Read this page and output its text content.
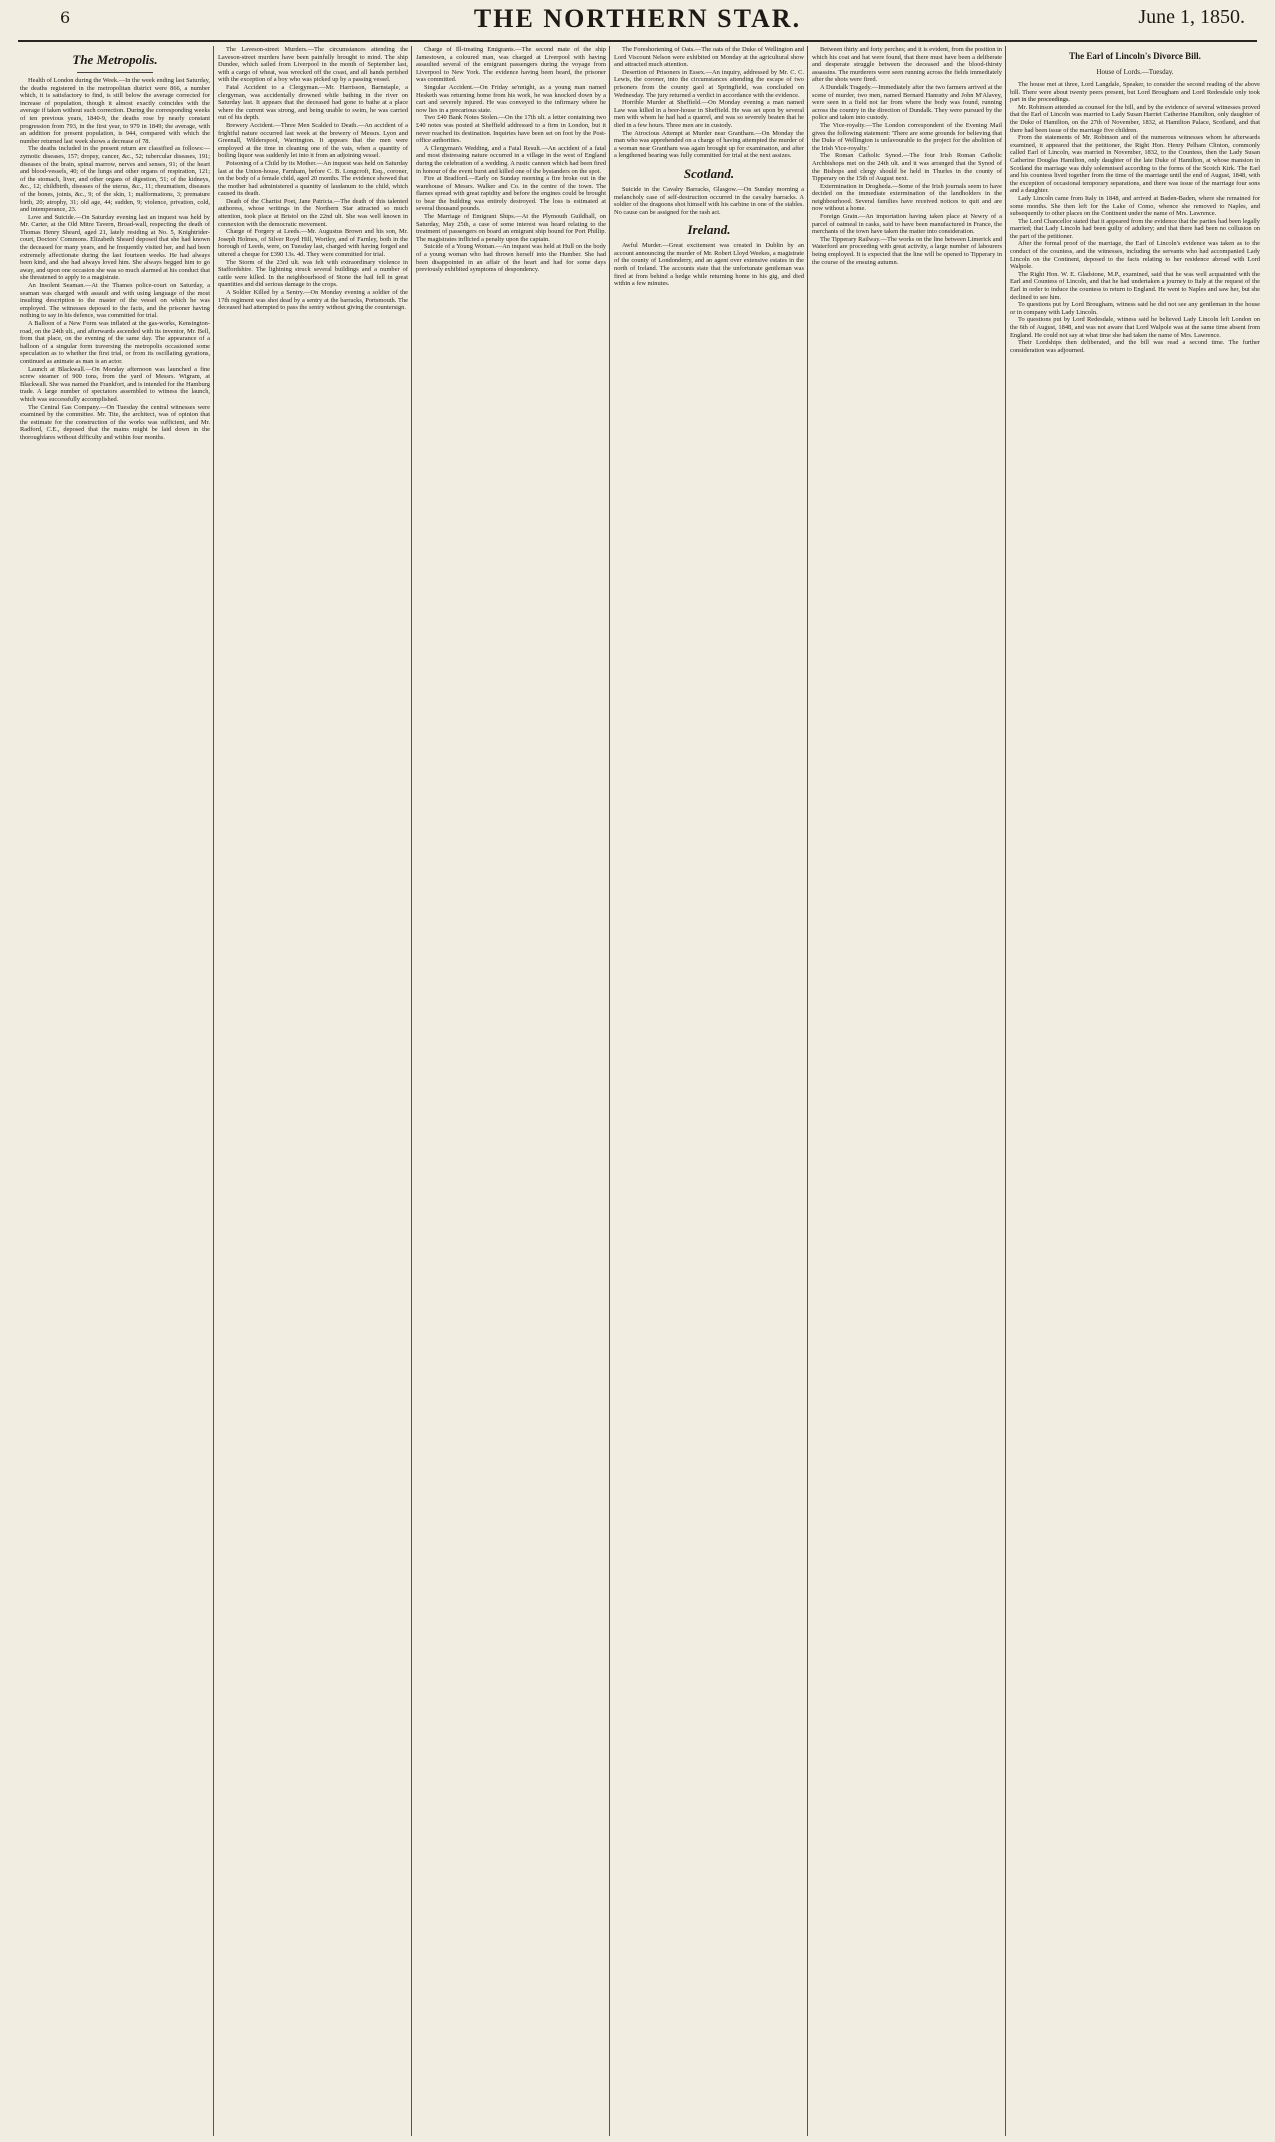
6	THE NORTHERN STAR.	June 1, 1850.
The Metropolis.

Health of London during the Week.—In the week ending last Saturday, the deaths registered in the metropolitan district were 866, a number which, it is satisfactory to find, is still below the average corrected for increase of population, though it almost exactly coincides with the average if taken without such correction. During the corresponding weeks of ten previous years, 1840-9, the deaths rose by nearly constant progression from 793, in the first year, to 979 in 1849; the average, with an addition for present population, is 944, compared with which the number returned last week shows a decrease of 78.

The deaths included in the present return are classified as follows:—zymotic diseases, 157; dropsy, cancer, &c., 52; tubercular diseases, 191; diseases of the brain, spinal marrow, nerves and senses, 91; of the heart and blood-vessels, 40; of the lungs and other organs of respiration, 121; of the stomach, liver, and other organs of digestion, 51; of the kidneys, &c., 12; childbirth, diseases of the uterus, &c., 11; rheumatism, diseases of the bones, joints, &c., 9; of the skin, 1; malformations, 3; premature birth, 20; atrophy, 31; old age, 44; sudden, 9; violence, privation, cold, and intemperance, 23.

Love and Suicide.—On Saturday evening last an inquest was held by Mr. Carter, at the Old Mitre Tavern, Broad-wall, respecting the death of Thomas Henry Sheard, aged 21, lately residing at No. 5, Knightrider-court, Doctors' Commons. Elizabeth Sheard deposed that she had known the deceased for many years, and he frequently visited her, and had been extremely affectionate during the last fourteen weeks. He had always been kind, and she had always loved him. She always begged him to go away, and upon one occasion she was so much alarmed at his conduct that she threatened to apply to a magistrate.

An Insolent Seaman.—At the Thames police-court on Saturday, a seaman was charged with assault and with using language of the most insulting description to the master of the vessel on which he was employed. The witnesses deposed to the facts, and the prisoner having nothing to say in his defence, was committed for trial.

A Balloon of a New Form was inflated at the gas-works, Kensington-road, on the 24th ult., and afterwards ascended with its inventor, Mr. Bell, from that place, on the evening of the same day. The appearance of a balloon of a singular form traversing the metropolis occasioned some speculation as to whether the first trial, or from its oscillating gyrations, continued as animate as man is an actor.

Launch at Blackwall.—On Monday afternoon was launched a fine screw steamer of 900 tons, from the yard of Messrs. Wigram, at Blackwall. She was named the Frankfort, and is intended for the Hamburg trade. A large number of spectators assembled to witness the launch, which was successfully accomplished.

The Central Gas Company.—On Tuesday the central witnesses were examined by the committee. Mr. Tite, the architect, was of opinion that the estimate for the construction of the works was sufficient, and Mr. Radford, C.E., deposed that the mains might be laid down in the thoroughfares without difficulty and within four months.

The Laveson-street Murders.—The circumstances attending the Laveson-street murders have been painfully brought to mind. The ship Dundee, which sailed from Liverpool in the month of September last, with a cargo of wheat, was wrecked off the coast, and all hands perished with the exception of a boy who was picked up by a passing vessel.

Fatal Accident to a Clergyman.—Mr. Harrisson, Barnstaple, a clergyman, was accidentally drowned while bathing in the river on Saturday last. It appears that the deceased had gone to bathe at a place where the current was strong, and being unable to swim, he was carried out of his depth.

Brewery Accident.—Three Men Scalded to Death.—An accident of a frightful nature occurred last week at the brewery of Messrs. Lyon and Greenall, Wilderspool, Warrington. It appears that the men were employed at the time in cleaning one of the vats, when a quantity of boiling liquor was suddenly let into it from an adjoining vessel.

Poisoning of a Child by its Mother.—An inquest was held on Saturday last at the Union-house, Farnham, before C. B. Longcroft, Esq., coroner, on the body of a female child, aged 20 months. The evidence showed that the mother had administered a quantity of laudanum to the child, which caused its death.

Death of the Chartist Poet, Jane Patricia.—The death of this talented authoress, whose writings in the Northern Star attracted so much attention, took place at Bristol on the 22nd ult. She was well known in connexion with the democratic movement.

Charge of Forgery at Leeds.—Mr. Augustus Brown and his son, Mr. Joseph Holmes, of Silver Royd Hill, Wortley, and of Farnley, both in the borough of Leeds, were, on Tuesday last, charged with having forged and uttered a cheque for £390 13s. 4d. They were committed for trial.

The Storm of the 23rd ult. was felt with extraordinary violence in Staffordshire. The lightning struck several buildings and a number of cattle were killed. In the neighbourhood of Stone the hail fell in great quantities and did serious damage to the crops.

A Soldier Killed by a Sentry.—On Monday evening a soldier of the 17th regiment was shot dead by a sentry at the barracks, Portsmouth. The deceased had attempted to pass the sentry without giving the countersign.

Charge of Ill-treating Emigrants.—The second mate of the ship Jamestown, a coloured man, was charged at Liverpool with having assaulted several of the emigrant passengers during the voyage from Liverpool to New York. The evidence having been heard, the prisoner was committed.

Singular Accident.—On Friday se'nnight, as a young man named Hesketh was returning home from his work, he was knocked down by a cart and severely injured. He was conveyed to the infirmary where he now lies in a precarious state.

Two £40 Bank Notes Stolen.—On the 17th ult. a letter containing two £40 notes was posted at Sheffield addressed to a firm in London, but it never reached its destination. Inquiries have been set on foot by the Post-office authorities.

A Clergyman's Wedding, and a Fatal Result.—An accident of a fatal and most distressing nature occurred in a village in the west of England during the celebration of a wedding. A rustic cannon which had been fired in honour of the event burst and killed one of the bystanders on the spot.

Fire at Bradford.—Early on Sunday morning a fire broke out in the warehouse of Messrs. Walker and Co. in the centre of the town. The flames spread with great rapidity and before the engines could be brought to bear the building was entirely destroyed. The loss is estimated at several thousand pounds.

The Marriage of Emigrant Ships.—At the Plymouth Guildhall, on Saturday, May 25th, a case of some interest was heard relating to the treatment of passengers on board an emigrant ship bound for Port Phillip. The magistrates inflicted a penalty upon the captain.

Suicide of a Young Woman.—An inquest was held at Hull on the body of a young woman who had thrown herself into the Humber. She had been disappointed in an affair of the heart and had for some days previously exhibited symptoms of despondency.

The Foreshortening of Oats.—The oats of the Duke of Wellington and Lord Viscount Nelson were exhibited on Monday at the agricultural show and attracted much attention.

Desertion of Prisoners in Essex.—An inquiry, addressed by Mr. C. C. Lewis, the coroner, into the circumstances attending the escape of two prisoners from the county gaol at Springfield, was concluded on Wednesday. The jury returned a verdict in accordance with the evidence.

Horrible Murder at Sheffield.—On Monday evening a man named Law was killed in a beer-house in Sheffield. He was set upon by several men with whom he had had a quarrel, and was so severely beaten that he died in a few hours. Three men are in custody.

The Atrocious Attempt at Murder near Grantham.—On Monday the man who was apprehended on a charge of having attempted the murder of a woman near Grantham was again brought up for examination, and after a lengthened hearing was fully committed for trial at the next assizes.

Scotland.

Suicide in the Cavalry Barracks, Glasgow.—On Sunday morning a melancholy case of self-destruction occurred in the cavalry barracks. A soldier of the dragoons shot himself with his carbine in one of the stables. No cause can be assigned for the rash act.

Ireland.

Awful Murder.—Great excitement was created in Dublin by an account announcing the murder of Mr. Robert Lloyd Weekes, a magistrate of the county of Londonderry, and an agent over extensive estates in the north of Ireland. The accounts state that the unfortunate gentleman was fired at from behind a hedge while returning home in his gig, and died within a few minutes.

Between thirty and forty perches; and it is evident, from the position in which his coat and hat were found, that there must have been a deliberate and desperate struggle between the deceased and the blood-thirsty assassins. The murderers were seen running across the fields immediately after the shots were fired.

A Dundalk Tragedy.—Immediately after the two farmers arrived at the scene of murder, two men, named Bernard Hanratty and John M'Alavey, were seen in a field not far from where the body was found, running across the country in the direction of Dundalk. They were pursued by the police and taken into custody.

The Vice-royalty.—The London correspondent of the Evening Mail gives the following statement: 'There are some grounds for believing that the Duke of Wellington is unfavourable to the project for the abolition of the Irish Vice-royalty.'

The Roman Catholic Synod.—The four Irish Roman Catholic Archbishops met on the 24th ult. and it was arranged that the Synod of the Bishops and clergy should be held in Thurles in the county of Tipperary on the 15th of August next.

Extermination in Drogheda.—Some of the Irish journals seem to have decided on the immediate extermination of the landholders in the neighbourhood. Several families have received notices to quit and are now without a home.

Foreign Grain.—An importation having taken place at Newry of a parcel of oatmeal in casks, said to have been manufactured in France, the merchants of the town have taken the matter into consideration.

The Tipperary Railway.—The works on the line between Limerick and Waterford are proceeding with great activity, a large number of labourers being employed. It is expected that the line will be opened to Tipperary in the course of the ensuing autumn.

The Earl of Lincoln's Divorce Bill.
House of Lords.—Tuesday.

The house met at three, Lord Langdale, Speaker, to consider the second reading of the above bill. There were about twenty peers present, but Lord Brougham and Lord Redesdale only took part in the proceedings.

Mr. Robinson attended as counsel for the bill, and by the evidence of several witnesses proved that the Earl of Lincoln was married to Lady Susan Harriet Catherine Hamilton, only daughter of the Duke of Hamilton, on the 27th of November, 1832, at Hamilton Palace, Scotland, and that there had been issue of the marriage five children.

From the statements of Mr. Robinson and of the numerous witnesses whom he afterwards examined, it appeared that the petitioner, the Right Hon. Henry Pelham Clinton, commonly called Earl of Lincoln, was married in November, 1832, to the Countess, then the Lady Susan Catherine Douglas Hamilton, only daughter of the late Duke of Hamilton, at whose mansion in Scotland the marriage was duly solemnised according to the forms of the Scotch Kirk. The Earl and his countess lived together from the time of the marriage until the end of August, 1848, with the exception of occasional temporary separations, and there was issue of the marriage four sons and a daughter.

Lady Lincoln came from Italy in 1848, and arrived at Baden-Baden, where she remained for some months. She then left for the Lake of Como, whence she removed to Naples, and subsequently to other places on the Continent under the name of Mrs. Lawrence.

The Lord Chancellor stated that it appeared from the evidence that the parties had been legally married; that Lady Lincoln had been guilty of adultery; and that there had been no collusion on the part of the petitioner.

After the formal proof of the marriage, the Earl of Lincoln's evidence was taken as to the conduct of the countess, and the witnesses, including the servants who had accompanied Lady Lincoln on the Continent, deposed to the facts relating to her residence abroad with Lord Walpole.

The Right Hon. W. E. Gladstone, M.P., examined, said that he was well acquainted with the Earl and Countess of Lincoln, and that he had undertaken a journey to Italy at the request of the Earl in order to induce the countess to return to England. He went to Naples and saw her, but she declined to see him.

To questions put by Lord Brougham, witness said he did not see any gentleman in the house or in company with Lady Lincoln.

To questions put by Lord Redesdale, witness said he believed Lady Lincoln left London on the 6th of August, 1848, and was not aware that Lord Walpole was at the same time absent from England. He could not say at what time she had taken the name of Mrs. Lawrence.

Their Lordships then deliberated, and the bill was read a second time. The further consideration was adjourned.
